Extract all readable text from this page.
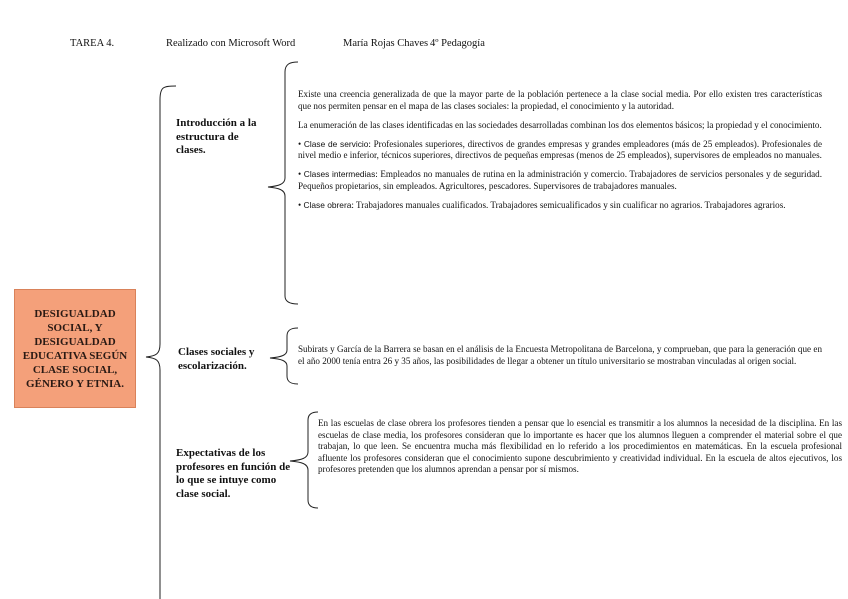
TAREA 4.	Realizado con Microsoft Word	María Rojas Chaves 4º Pedagogía
DESIGUALDAD SOCIAL, Y DESIGUALDAD EDUCATIVA SEGÚN CLASE SOCIAL, GÉNERO Y ETNIA.
Introducción a la estructura de clases.

Existe una creencia generalizada de que la mayor parte de la población pertenece a la clase social media. Por ello existen tres características que nos permiten pensar en el mapa de las clases sociales: la propiedad, el conocimiento y la autoridad.

La enumeración de las clases identificadas en las sociedades desarrolladas combinan los dos elementos básicos; la propiedad y el conocimiento.

• Clase de servicio: Profesionales superiores, directivos de grandes empresas y grandes empleadores (más de 25 empleados). Profesionales de nivel medio e inferior, técnicos superiores, directivos de pequeñas empresas (menos de 25 empleados), supervisores de empleados no manuales.

• Clases intermedias: Empleados no manuales de rutina en la administración y comercio. Trabajadores de servicios personales y de seguridad. Pequeños propietarios, sin empleados. Agricultores, pescadores. Supervisores de trabajadores manuales.

• Clase obrera: Trabajadores manuales cualificados. Trabajadores semicualificados y sin cualificar no agrarios. Trabajadores agrarios.

Clases sociales y escolarización.

Subirats y García de la Barrera se basan en el análisis de la Encuesta Metropolitana de Barcelona, y comprueban, que para la generación que en el año 2000 tenía entra 26 y 35 años, las posibilidades de llegar a obtener un título universitario se mostraban vinculadas al origen social.

Expectativas de los profesores en función de lo que se intuye como clase social.

En las escuelas de clase obrera los profesores tienden a pensar que lo esencial es transmitir a los alumnos la necesidad de la disciplina. En las escuelas de clase media, los profesores consideran que lo importante es hacer que los alumnos lleguen a comprender el material sobre el que trabajan, lo que leen. Se encuentra mucha más flexibilidad en lo referido a los procedimientos en matemáticas. En la escuela profesional afluente los profesores consideran que el conocimiento supone descubrimiento y creatividad individual. En la escuela de altos ejecutivos, los profesores pretenden que los alumnos aprendan a pensar por sí mismos.
